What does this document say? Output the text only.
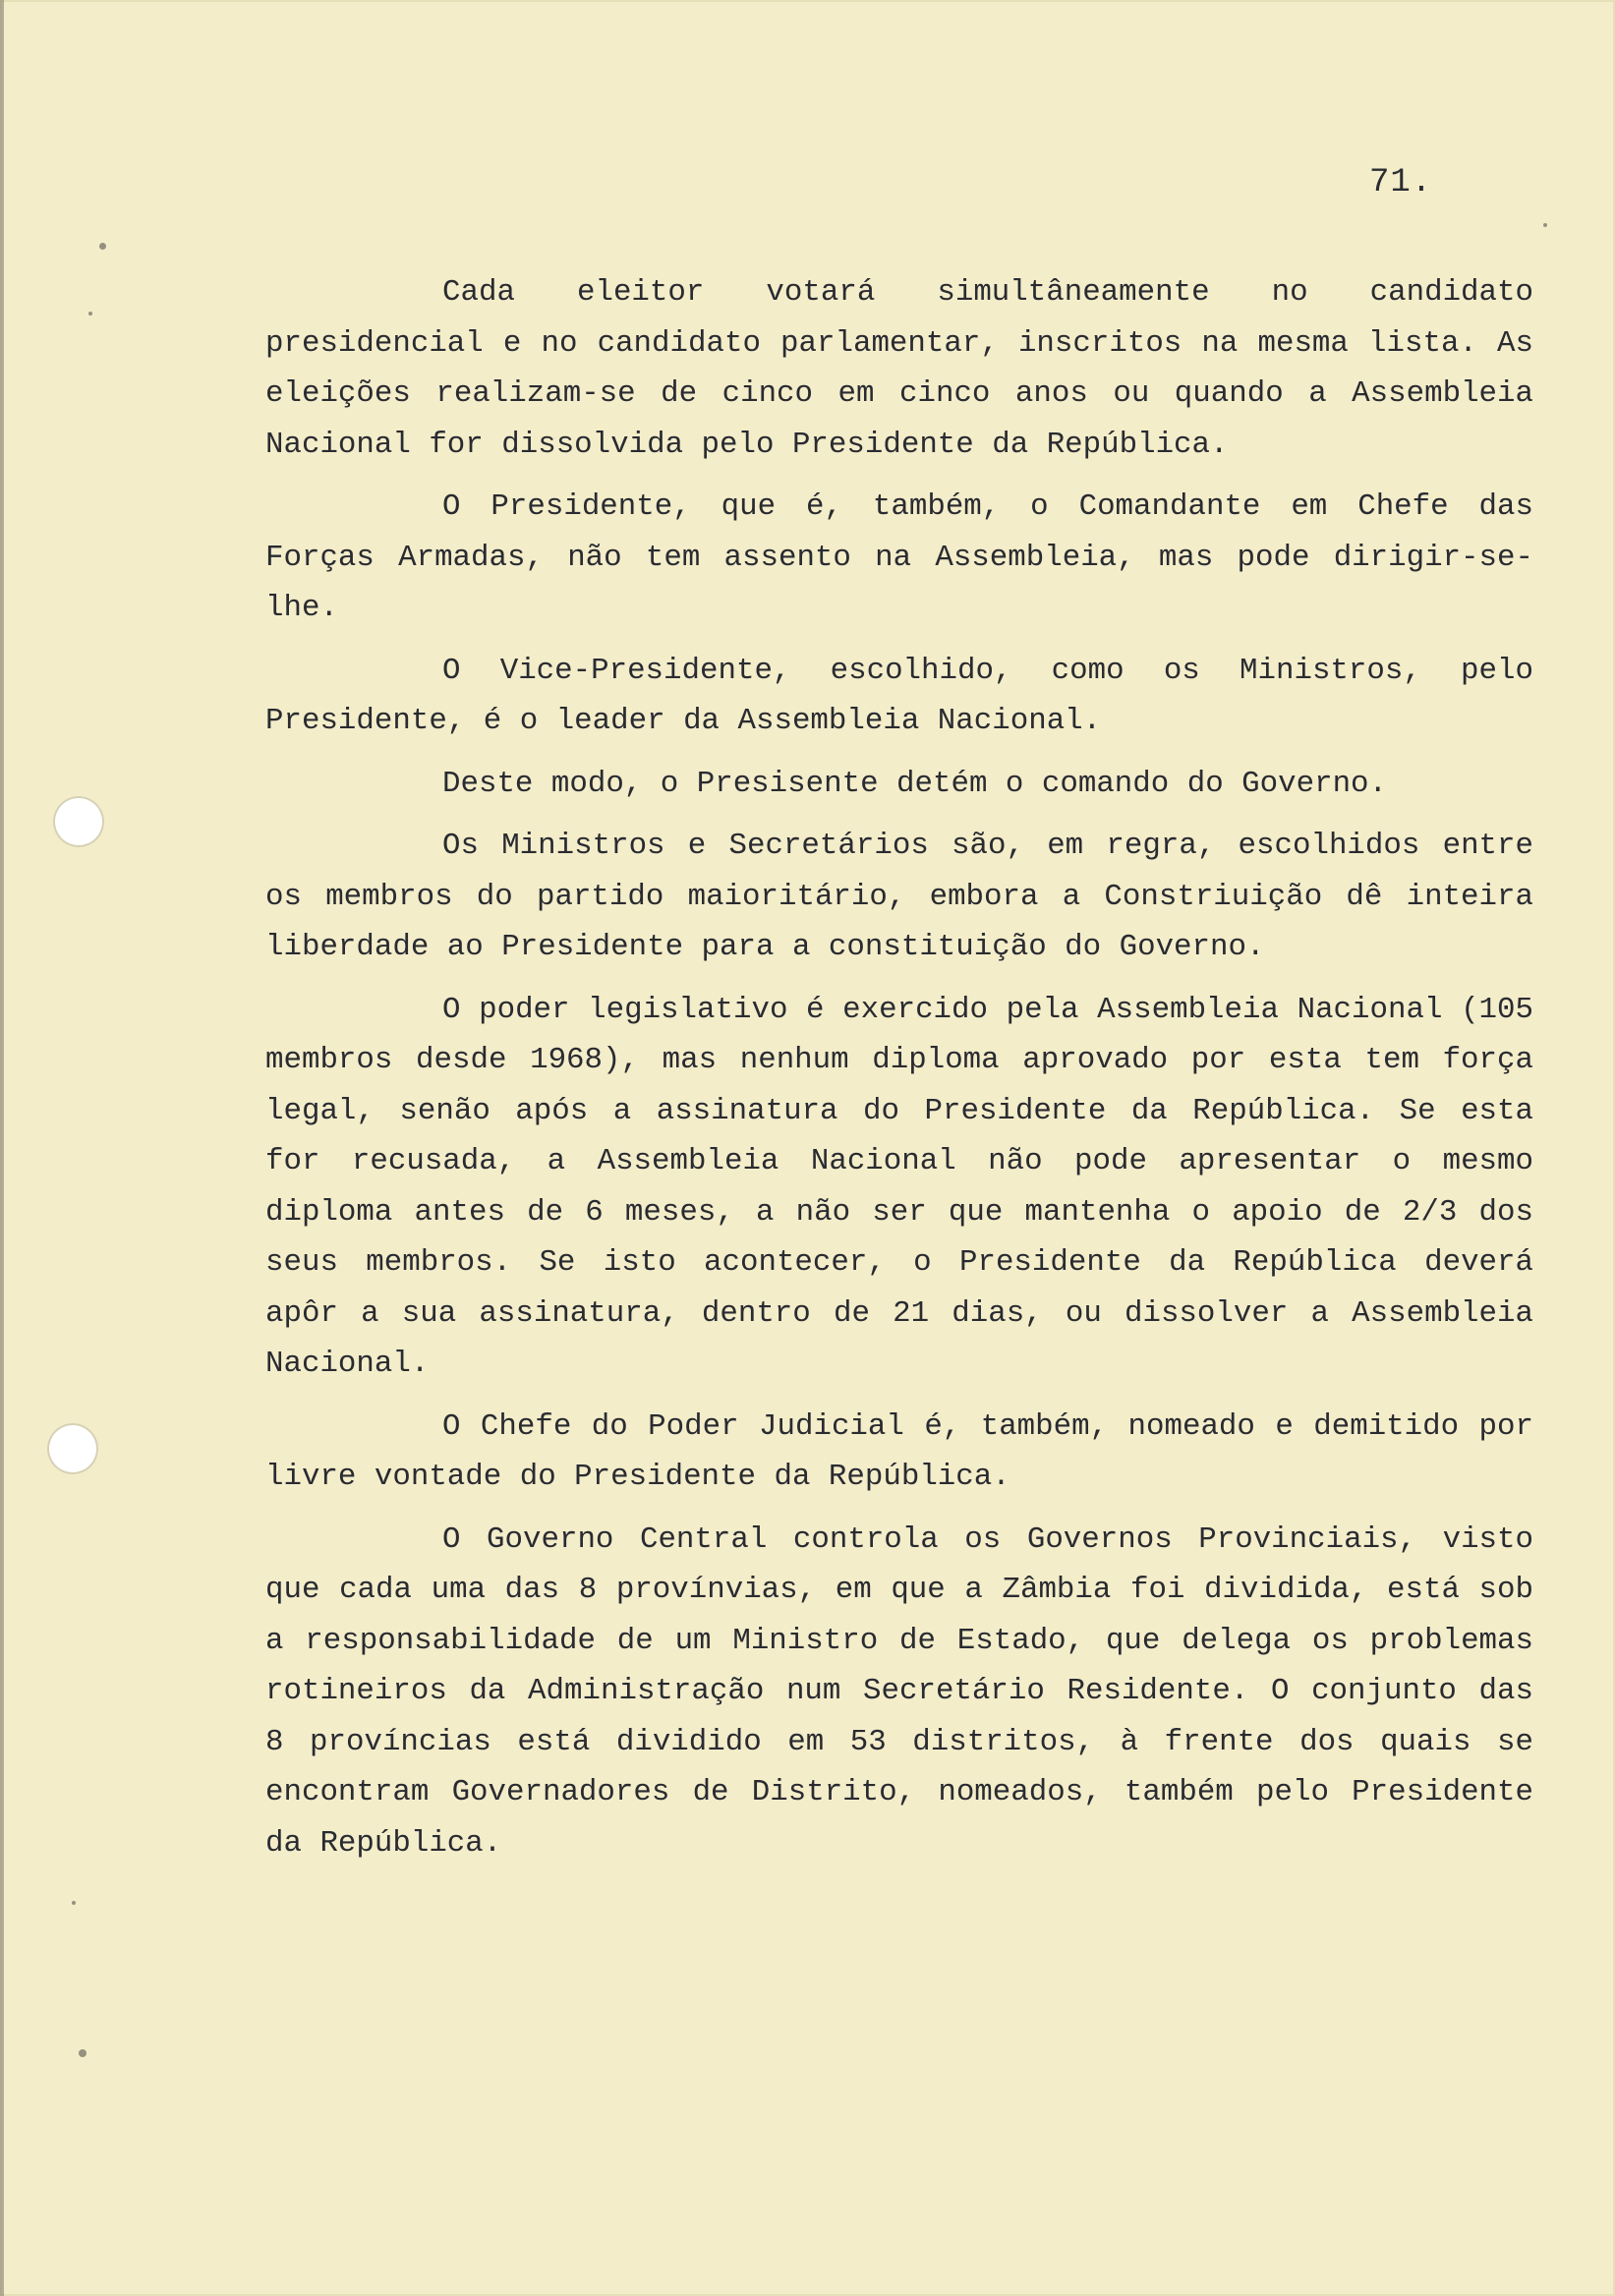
71.

Cada eleitor votará simultâneamente no candidato presidencial e no candidato parlamentar, inscritos na mesma lista. As eleições realizam-se de cinco em cinco anos ou quando a Assembleia Nacional for dissolvida pelo Presidente da República.

O Presidente, que é, também, o Comandante em Chefe das Forças Armadas, não tem assento na Assembleia, mas pode dirigir-se-lhe.

O Vice-Presidente, escolhido, como os Ministros, pelo Presidente, é o leader da Assembleia Nacional.

Deste modo, o Presisente detém o comando do Governo.

Os Ministros e Secretários são, em regra, escolhidos entre os membros do partido maioritário, embora a Constriuição dê inteira liberdade ao Presidente para a constituição do Governo.

O poder legislativo é exercido pela Assembleia Nacional (105 membros desde 1968), mas nenhum diploma aprovado por esta tem força legal, senão após a assinatura do Presidente da República. Se esta for recusada, a Assembleia Nacional não pode apresentar o mesmo diploma antes de 6 meses, a não ser que mantenha o apoio de 2/3 dos seus membros. Se isto acontecer, o Presidente da República deverá apôr a sua assinatura, dentro de 21 dias, ou dissolver a Assembleia Nacional.

O Chefe do Poder Judicial é, também, nomeado e demitido por livre vontade do Presidente da República.

O Governo Central controla os Governos Provinciais, visto que cada uma das 8 provínvias, em que a Zâmbia foi dividida, está sob a responsabilidade de um Ministro de Estado, que delega os problemas rotineiros da Administração num Secretário Residente. O conjunto das 8 províncias está dividido em 53 distritos, à frente dos quais se encontram Governadores de Distrito, nomeados, também pelo Presidente da República.
